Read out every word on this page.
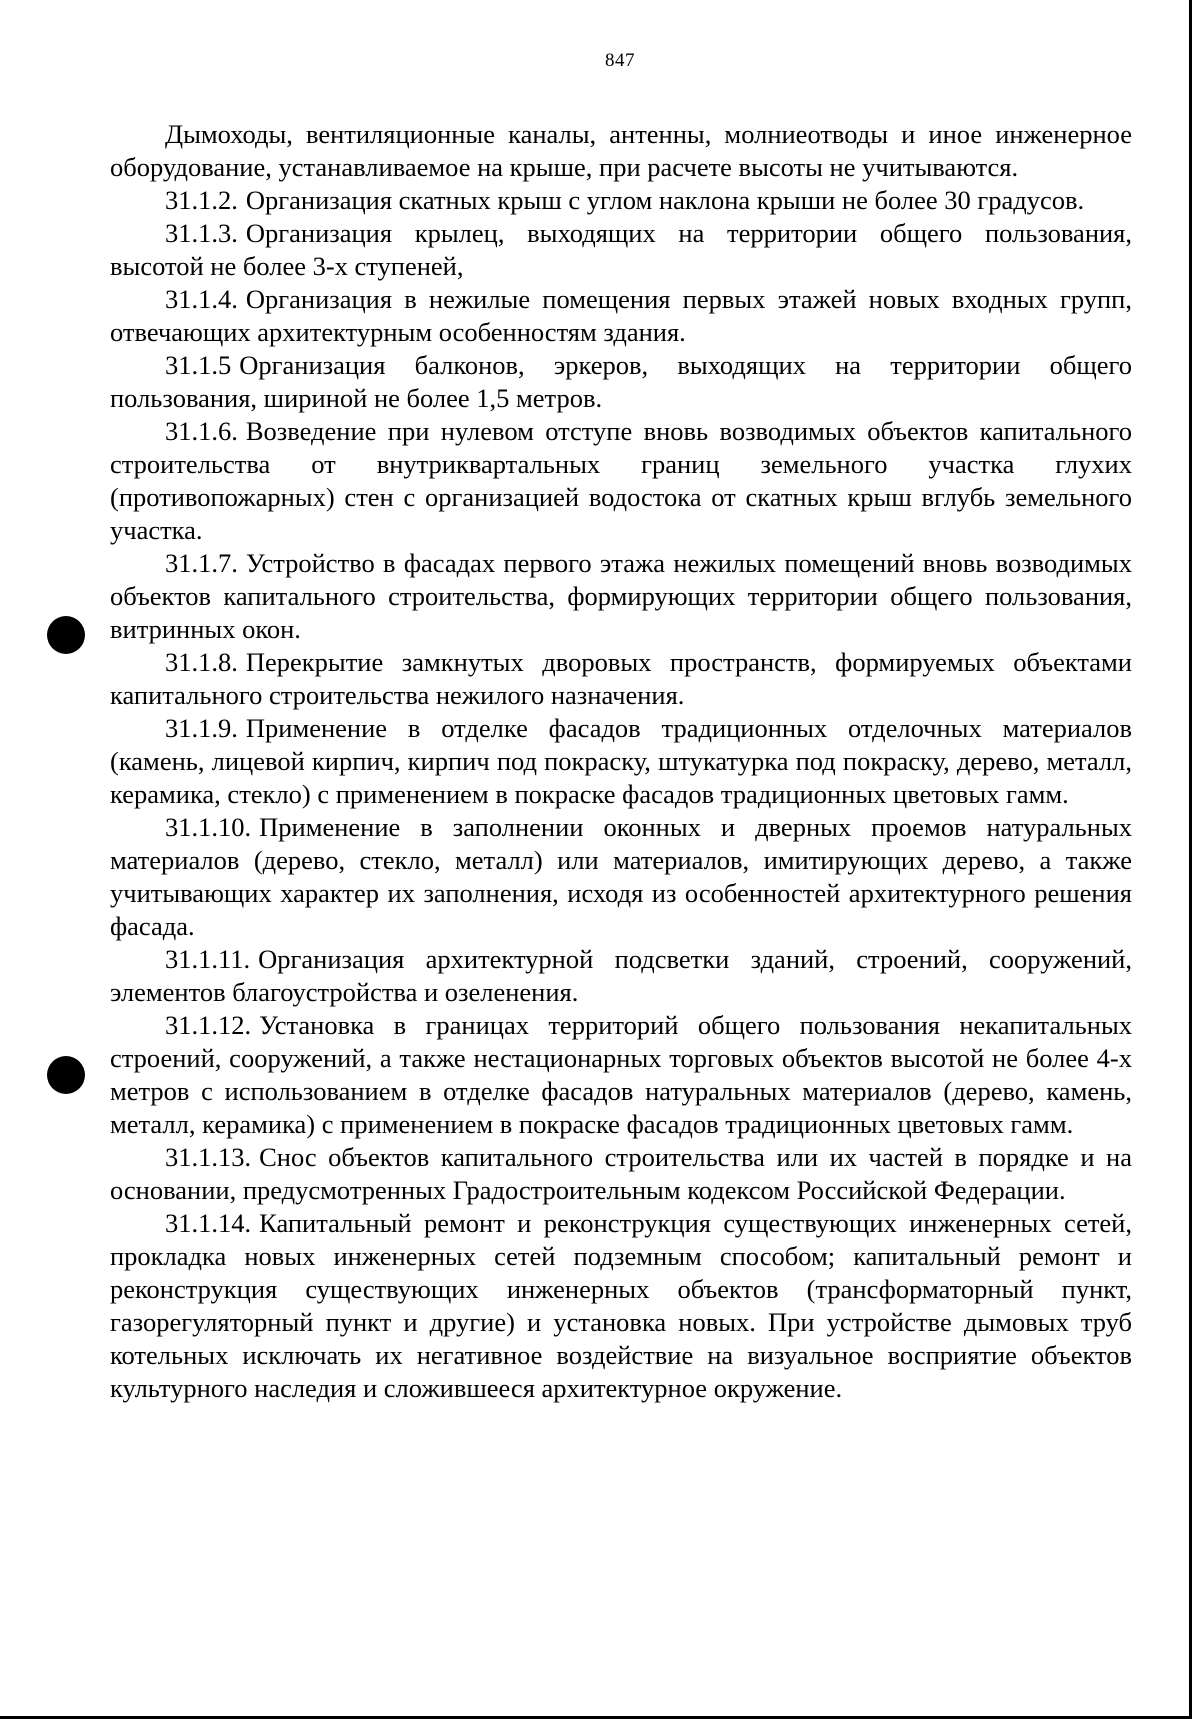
847

Дымоходы, вентиляционные каналы, антенны, молниеотводы и иное инженерное оборудование, устанавливаемое на крыше, при расчете высоты не учитываются.

31.1.2. Организация скатных крыш с углом наклона крыши не более 30 градусов.

31.1.3. Организация крылец, выходящих на территории общего пользования, высотой не более 3-х ступеней,

31.1.4. Организация в нежилые помещения первых этажей новых входных групп, отвечающих архитектурным особенностям здания.

31.1.5 Организация балконов, эркеров, выходящих на территории общего пользования, шириной не более 1,5 метров.

31.1.6. Возведение при нулевом отступе вновь возводимых объектов капитального строительства от внутриквартальных границ земельного участка глухих (противопожарных) стен с организацией водостока от скатных крыш вглубь земельного участка.

31.1.7. Устройство в фасадах первого этажа нежилых помещений вновь возводимых объектов капитального строительства, формирующих территории общего пользования, витринных окон.

31.1.8. Перекрытие замкнутых дворовых пространств, формируемых объектами капитального строительства нежилого назначения.

31.1.9. Применение в отделке фасадов традиционных отделочных материалов (камень, лицевой кирпич, кирпич под покраску, штукатурка под покраску, дерево, металл, керамика, стекло) с применением в покраске фасадов традиционных цветовых гамм.

31.1.10. Применение в заполнении оконных и дверных проемов натуральных материалов (дерево, стекло, металл) или материалов, имитирующих дерево, а также учитывающих характер их заполнения, исходя из особенностей архитектурного решения фасада.

31.1.11. Организация архитектурной подсветки зданий, строений, сооружений, элементов благоустройства и озеленения.

31.1.12. Установка в границах территорий общего пользования некапитальных строений, сооружений, а также нестационарных торговых объектов высотой не более 4-х метров с использованием в отделке фасадов натуральных материалов (дерево, камень, металл, керамика) с применением в покраске фасадов традиционных цветовых гамм.

31.1.13. Снос объектов капитального строительства или их частей в порядке и на основании, предусмотренных Градостроительным кодексом Российской Федерации.

31.1.14. Капитальный ремонт и реконструкция существующих инженерных сетей, прокладка новых инженерных сетей подземным способом; капитальный ремонт и реконструкция существующих инженерных объектов (трансформаторный пункт, газорегуляторный пункт и другие) и установка новых. При устройстве дымовых труб котельных исключать их негативное воздействие на визуальное восприятие объектов культурного наследия и сложившееся архитектурное окружение.
